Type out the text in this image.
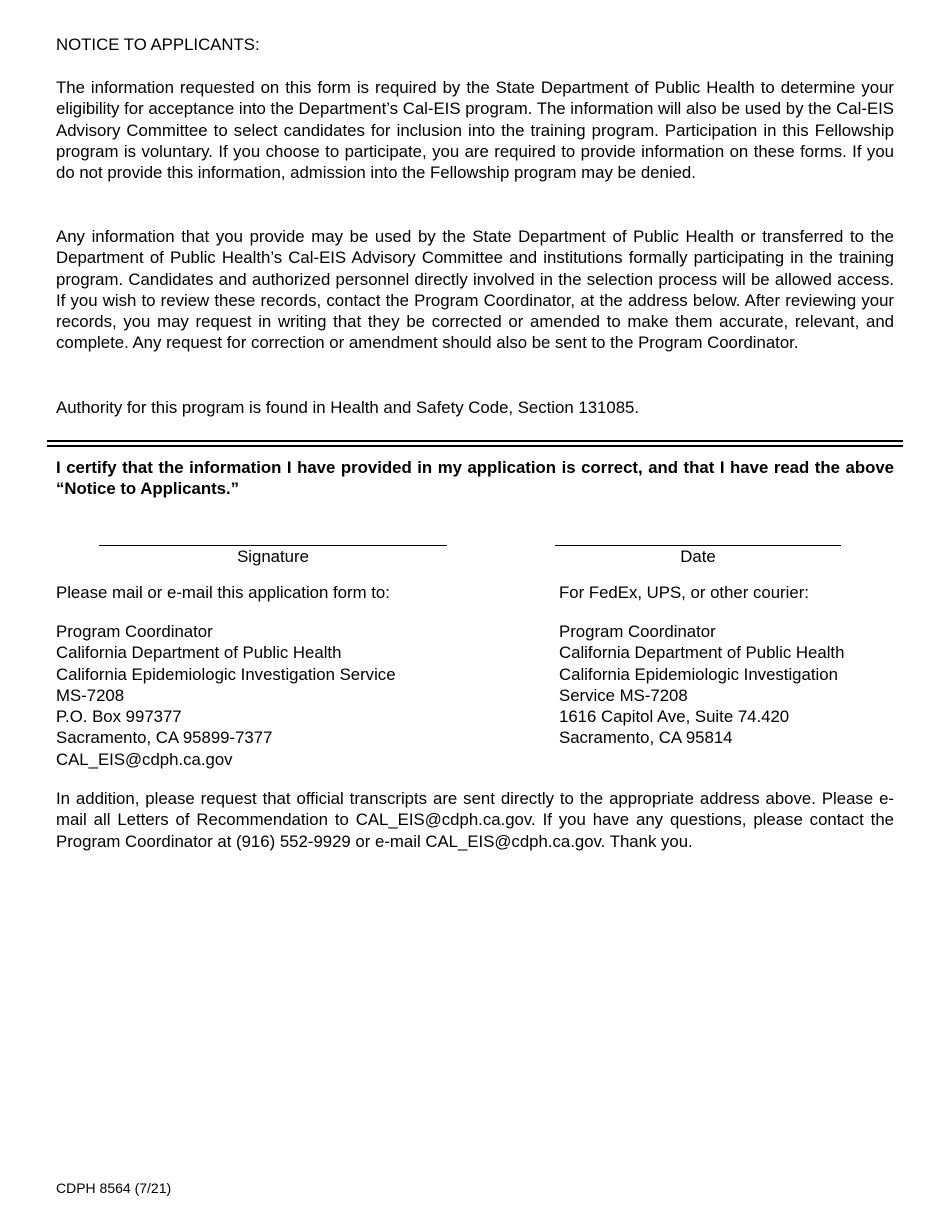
NOTICE TO APPLICANTS:

The information requested on this form is required by the State Department of Public Health to determine your eligibility for acceptance into the Department’s Cal-EIS program. The information will also be used by the Cal-EIS Advisory Committee to select candidates for inclusion into the training program. Participation in this Fellowship program is voluntary. If you choose to participate, you are required to provide information on these forms. If you do not provide this information, admission into the Fellowship program may be denied.

Any information that you provide may be used by the State Department of Public Health or transferred to the Department of Public Health’s Cal-EIS Advisory Committee and institutions formally participating in the training program. Candidates and authorized personnel directly involved in the selection process will be allowed access. If you wish to review these records, contact the Program Coordinator, at the address below. After reviewing your records, you may request in writing that they be corrected or amended to make them accurate, relevant, and complete. Any request for correction or amendment should also be sent to the Program Coordinator.

Authority for this program is found in Health and Safety Code, Section 131085.

I certify that the information I have provided in my application is correct, and that I have read the above “Notice to Applicants.”

Signature	Date

Please mail or e-mail this application form to:	For FedEx, UPS, or other courier:

Program Coordinator
California Department of Public Health
California Epidemiologic Investigation Service
MS-7208
P.O. Box 997377
Sacramento, CA 95899-7377
CAL_EIS@cdph.ca.gov
Program Coordinator
California Department of Public Health
California Epidemiologic Investigation
Service MS-7208
1616 Capitol Ave, Suite 74.420
Sacramento, CA 95814

In addition, please request that official transcripts are sent directly to the appropriate address above. Please e-mail all Letters of Recommendation to CAL_EIS@cdph.ca.gov. If you have any questions, please contact the Program Coordinator at (916) 552-9929 or e-mail CAL_EIS@cdph.ca.gov. Thank you.

CDPH 8564 (7/21)
